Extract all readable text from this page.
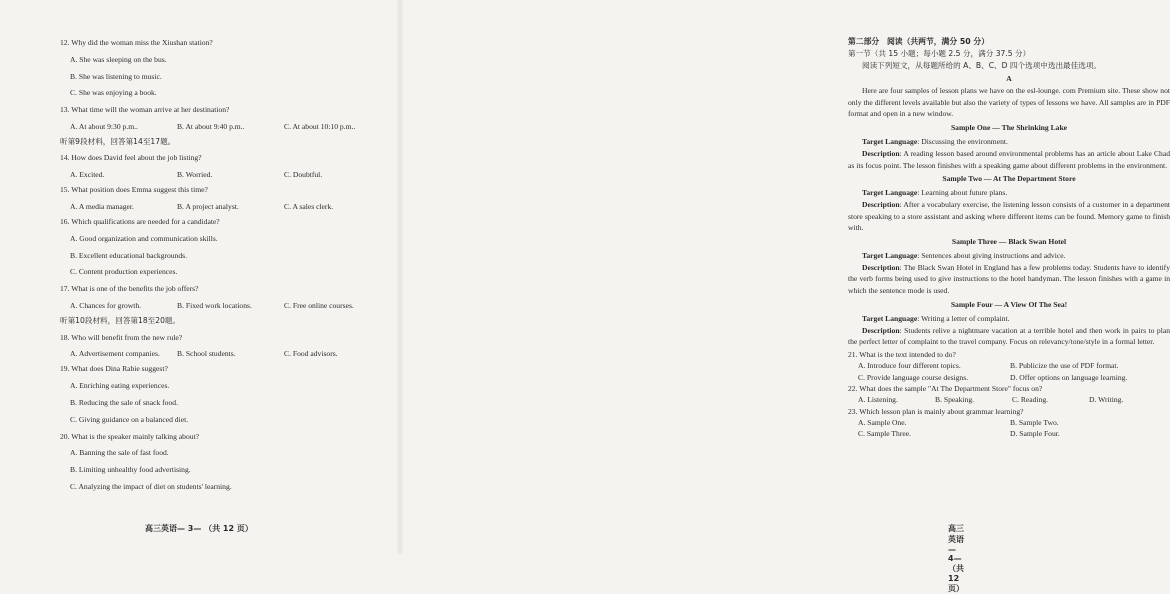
12. Why did the woman miss the Xiushan station?
A. She was sleeping on the bus.
B. She was listening to music.
C. She was enjoying a book.
13. What time will the woman arrive at her destination?
A. At about 9:30 p.m..	B. At about 9:40 p.m..	C. At about 10:10 p.m..
听第9段材料，回答第14至17题。
14. How does David feel about the job listing?
A. Excited.	B. Worried.	C. Doubtful.
15. What position does Emma suggest this time?
A. A media manager.	B. A project analyst.	C. A sales clerk.
16. Which qualifications are needed for a candidate?
A. Good organization and communication skills.
B. Excellent educational backgrounds.
C. Content production experiences.
17. What is one of the benefits the job offers?
A. Chances for growth.	B. Fixed work locations.	C. Free online courses.
听第10段材料，回答第18至20题。
18. Who will benefit from the new rule?
A. Advertisement companies.	B. School students.	C. Food advisors.
19. What does Dina Rabie suggest?
A. Enriching eating experiences.
B. Reducing the sale of snack food.
C. Giving guidance on a balanced diet.
20. What is the speaker mainly talking about?
A. Banning the sale of fast food.
B. Limiting unhealthy food advertising.
C. Analyzing the impact of diet on students' learning.
高三英语— 3— （共 12 页）
第二部分　阅读（共两节，满分 50 分）
第一节（共 15 小题；每小题 2.5 分，满分 37.5 分）
阅读下列短文，从每题所给的 A、B、C、D 四个选项中选出最佳选项。
A

Here are four samples of lesson plans we have on the esl-lounge. com Premium site. These show not only the different levels available but also the variety of types of lessons we have. All samples are in PDF format and open in a new window.

Sample One — The Shrinking Lake

Target Language: Discussing the environment.

Description: A reading lesson based around environmental problems has an article about Lake Chad as its focus point. The lesson finishes with a speaking game about different problems in the environment.

Sample Two — At The Department Store

Target Language: Learning about future plans.

Description: After a vocabulary exercise, the listening lesson consists of a customer in a department store speaking to a store assistant and asking where different items can be found. Memory game to finish with.

Sample Three — Black Swan Hotel

Target Language: Sentences about giving instructions and advice.

Description: The Black Swan Hotel in England has a few problems today. Students have to identify the verb forms being used to give instructions to the hotel handyman. The lesson finishes with a game in which the sentence mode is used.

Sample Four — A View Of The Sea!

Target Language: Writing a letter of complaint.

Description: Students relive a nightmare vacation at a terrible hotel and then work in pairs to plan the perfect letter of complaint to the travel company. Focus on relevancy/tone/style in a formal letter.

21. What is the text intended to do?
A. Introduce four different topics.	B. Publicize the use of PDF format.
C. Provide language course designs.	D. Offer options on language learning.
22. What does the sample "At The Department Store" focus on?
A. Listening.	B. Speaking.	C. Reading.	D. Writing.
23. Which lesson plan is mainly about grammar learning?
A. Sample One.	B. Sample Two.
C. Sample Three.	D. Sample Four.
高三英语— 4— （共 12 页）
